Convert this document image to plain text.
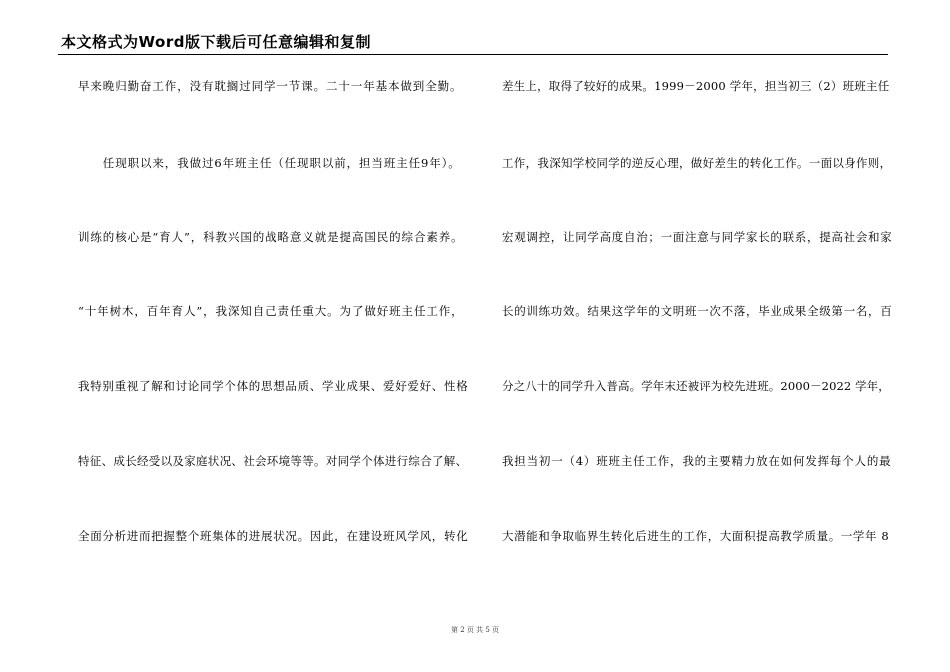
本文格式为Word版下载后可任意编辑和复制
早来晚归勤奋工作，没有耽搁过同学一节课。二十一年基本做到全勤。
　　任现职以来，我做过6年班主任（任现职以前，担当班主任9年）。
训练的核心是“育人”，科教兴国的战略意义就是提高国民的综合素养。
“十年树木，百年育人”，我深知自己责任重大。为了做好班主任工作，
我特别重视了解和讨论同学个体的思想品质、学业成果、爱好爱好、性格
特征、成长经受以及家庭状况、社会环境等等。对同学个体进行综合了解、
全面分析进而把握整个班集体的进展状况。因此，在建设班风学风，转化
差生上，取得了较好的成果。1999－2000 学年，担当初三（2）班班主任
工作，我深知学校同学的逆反心理，做好差生的转化工作。一面以身作则，
宏观调控，让同学高度自治；一面注意与同学家长的联系，提高社会和家
长的训练功效。结果这学年的文明班一次不落，毕业成果全级第一名，百
分之八十的同学升入普高。学年末还被评为校先进班。2000－2022 学年，
我担当初一（4）班班主任工作，我的主要精力放在如何发挥每个人的最
大潜能和争取临界生转化后进生的工作，大面积提高教学质量。一学年 8
第 2 页 共 5 页
